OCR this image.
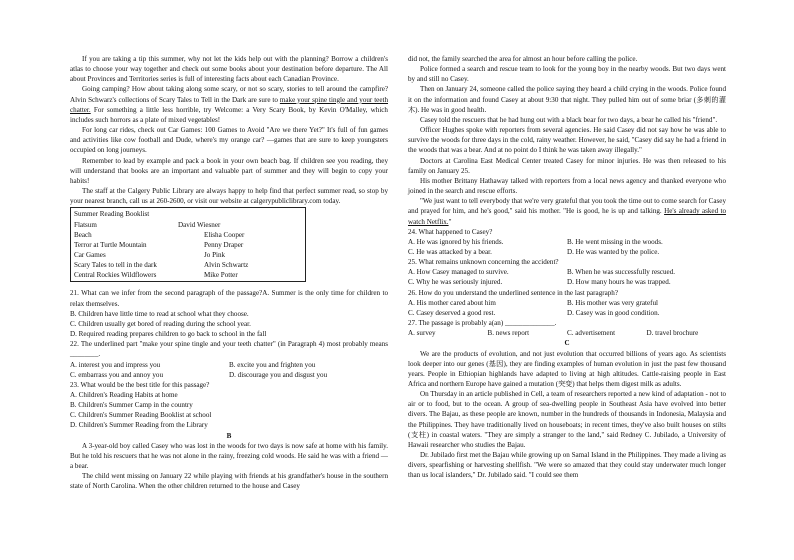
If you are taking a tip this summer, why not let the kids help out with the planning? Borrow a children's atlas to choose your way together and check out some books about your destination before departure. The All about Provinces and Territories series is full of interesting facts about each Canadian Province.

Going camping? How about taking along some scary, or not so scary, stories to tell around the campfire? Alvin Schwarz's collections of Scary Tales to Tell in the Dark are sure to make your spine tingle and your teeth chatter. For something a little less horrible, try Welcome: a Very Scary Book, by Kevin O'Malley, which includes such horrors as a plate of mixed vegetables!

For long car rides, check out Car Games: 100 Games to Avoid "Are we there Yet?" It's full of fun games and activities like cow football and Dude, where's my orange car? —games that are sure to keep youngsters occupied on long journeys.

Remember to lead by example and pack a book in your own beach bag. If children see you reading, they will understand that books are an important and valuable part of summer and they will begin to copy your habits!

The staff at the Calgery Public Library are always happy to help find that perfect summer read, so stop by your nearest branch, call us at 260-2600, or visit our website at calgerypubliclibrary.com today.

Summer Reading Booklist
Flatsum	David Wiesner
Beach	Elisha Cooper
Terror at Turtle Mountain	Penny Draper
Car Games	Jo Pink
Scary Tales to tell in the dark	Alvin Schwartz
Central Rockies Wildflowers	Mike Potter

21. What can we infer from the second paragraph of the passage?A. Summer is the only time for children to relax themselves.

B. Children have little time to read at school what they choose.

C. Children usually get bored of reading during the school year.

D. Required reading prepares children to go back to school in the fall

22. The underlined part "make your spine tingle and your teeth chatter" (in Paragraph 4) most probably means ________.

A. interest you and impress you	B. excite you and frighten you
C. embarrass you and annoy you	D. discourage you and disgust you

23. What would be the best title for this passage?

A. Children's Reading Habits at home

B. Children's Summer Camp in the country

C. Children's Summer Reading Booklist at school

D. Children's Summer Reading from the Library

B

A 3-year-old boy called Casey who was lost in the woods for two days is now safe at home with his family. But he told his rescuers that he was not alone in the rainy, freezing cold woods. He said he was with a friend — a bear.

The child went missing on January 22 while playing with friends at his grandfather's house in the southern state of North Carolina. When the other children returned to the house and Casey

did not, the family searched the area for almost an hour before calling the police.

Police formed a search and rescue team to look for the young boy in the nearby woods. But two days went by and still no Casey.

Then on January 24, someone called the police saying they heard a child crying in the woods. Police found it on the information and found Casey at about 9:30 that night. They pulled him out of some briar (多刺的灌木). He was in good health.

Casey told the rescuers that he had hung out with a black bear for two days, a bear he called his "friend".

Officer Hughes spoke with reporters from several agencies. He said Casey did not say how he was able to survive the woods for three days in the cold, rainy weather. However, he said, "Casey did say he had a friend in the woods that was a bear. And at no point do I think he was taken away illegally."

Doctors at Carolina East Medical Center treated Casey for minor injuries. He was then released to his family on January 25.

His mother Brittany Hathaway talked with reporters from a local news agency and thanked everyone who joined in the search and rescue efforts.

"We just want to tell everybody that we're very grateful that you took the time out to come search for Casey and prayed for him, and he's good," said his mother. "He is good, he is up and talking. He's already asked to watch Netflix."

24. What happened to Casey?

A. He was ignored by his friends.	B. He went missing in the woods.
C. He was attacked by a bear.	D. He was wanted by the police.

25. What remains unknown concerning the accident?

A. How Casey managed to survive.	B. When he was successfully rescued.
C. Why he was seriously injured.	D. How many hours he was trapped.

26. How do you understand the underlined sentence in the last paragraph?

A. His mother cared about him	B. His mother was very grateful
C. Casey deserved a good rest.	D. Casey was in good condition.

27. The passage is probably a(an) ______________.

A. survey	B. news report	C. advertisement	D. travel brochure

C

We are the products of evolution, and not just evolution that occurred billions of years ago. As scientists look deeper into our genes (基因), they are finding examples of human evolution in just the past few thousand years. People in Ethiopian highlands have adapted to living at high altitudes. Cattle-raising people in East Africa and northern Europe have gained a mutation (突变) that helps them digest milk as adults.

On Thursday in an article published in Cell, a team of researchers reported a new kind of adaptation - not to air or to food, but to the ocean. A group of sea-dwelling people in Southeast Asia have evolved into better divers. The Bajau, as these people are known, number in the hundreds of thousands in Indonesia, Malaysia and the Philippines. They have traditionally lived on houseboats; in recent times, they've also built houses on stilts (支柱) in coastal waters. "They are simply a stranger to the land," said Redney C. Jubilado, a University of Hawaii researcher who studies the Bajau.

Dr. Jubilado first met the Bajau while growing up on Samal Island in the Philippines. They made a living as divers, spearfishing or harvesting shellfish. "We were so amazed that they could stay underwater much longer than us local islanders," Dr. Jubilado said. "I could see them
